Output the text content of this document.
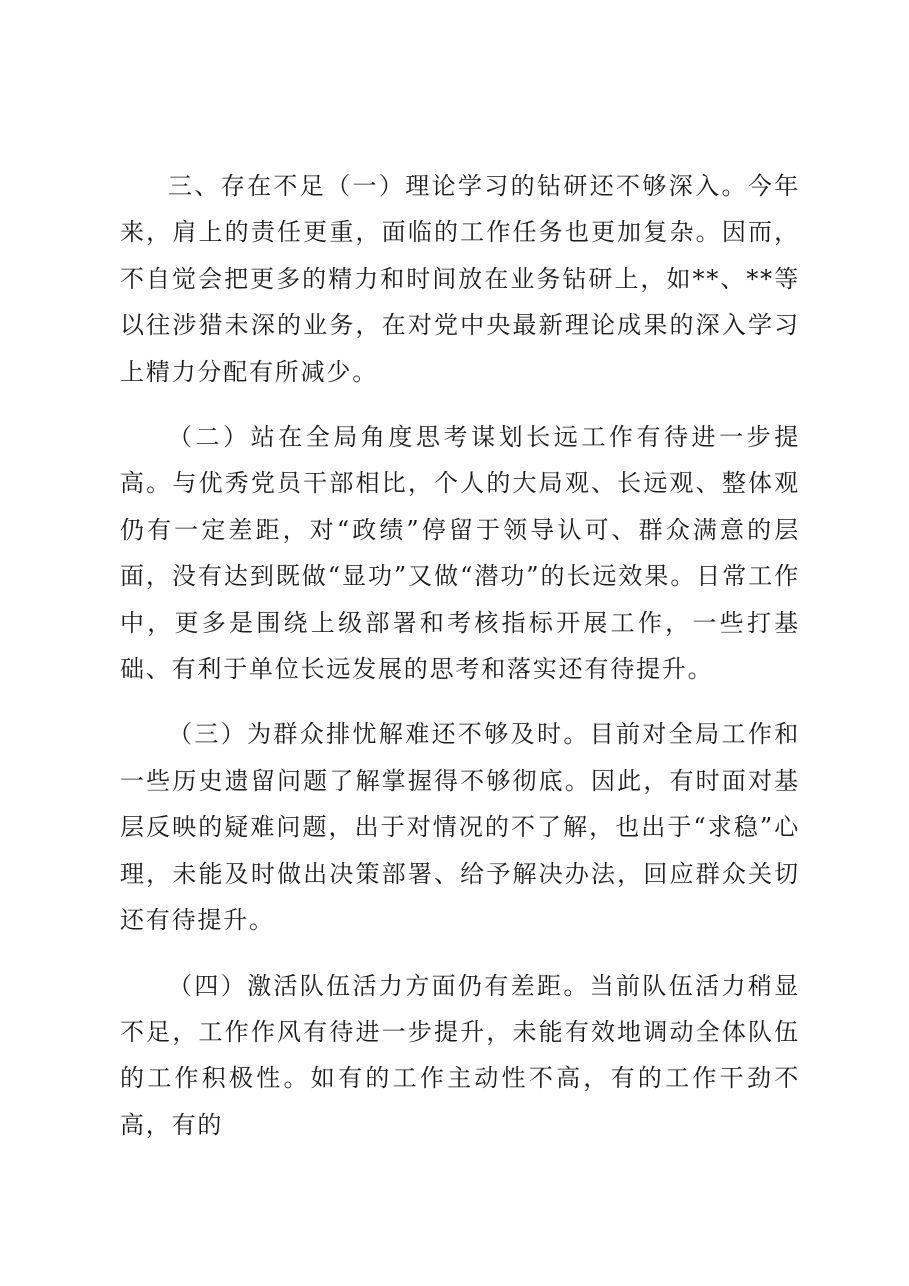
三、存在不足（一）理论学习的钻研还不够深入。今年来，肩上的责任更重，面临的工作任务也更加复杂。因而，不自觉会把更多的精力和时间放在业务钻研上，如**、**等以往涉猎未深的业务，在对党中央最新理论成果的深入学习上精力分配有所减少。

（二）站在全局角度思考谋划长远工作有待进一步提高。与优秀党员干部相比，个人的大局观、长远观、整体观仍有一定差距，对“政绩”停留于领导认可、群众满意的层面，没有达到既做“显功”又做“潜功”的长远效果。日常工作中，更多是围绕上级部署和考核指标开展工作，一些打基础、有利于单位长远发展的思考和落实还有待提升。

（三）为群众排忧解难还不够及时。目前对全局工作和一些历史遗留问题了解掌握得不够彻底。因此，有时面对基层反映的疑难问题，出于对情况的不了解，也出于“求稳”心理，未能及时做出决策部署、给予解决办法，回应群众关切还有待提升。

（四）激活队伍活力方面仍有差距。当前队伍活力稍显不足，工作作风有待进一步提升，未能有效地调动全体队伍的工作积极性。如有的工作主动性不高，有的工作干劲不高，有的
